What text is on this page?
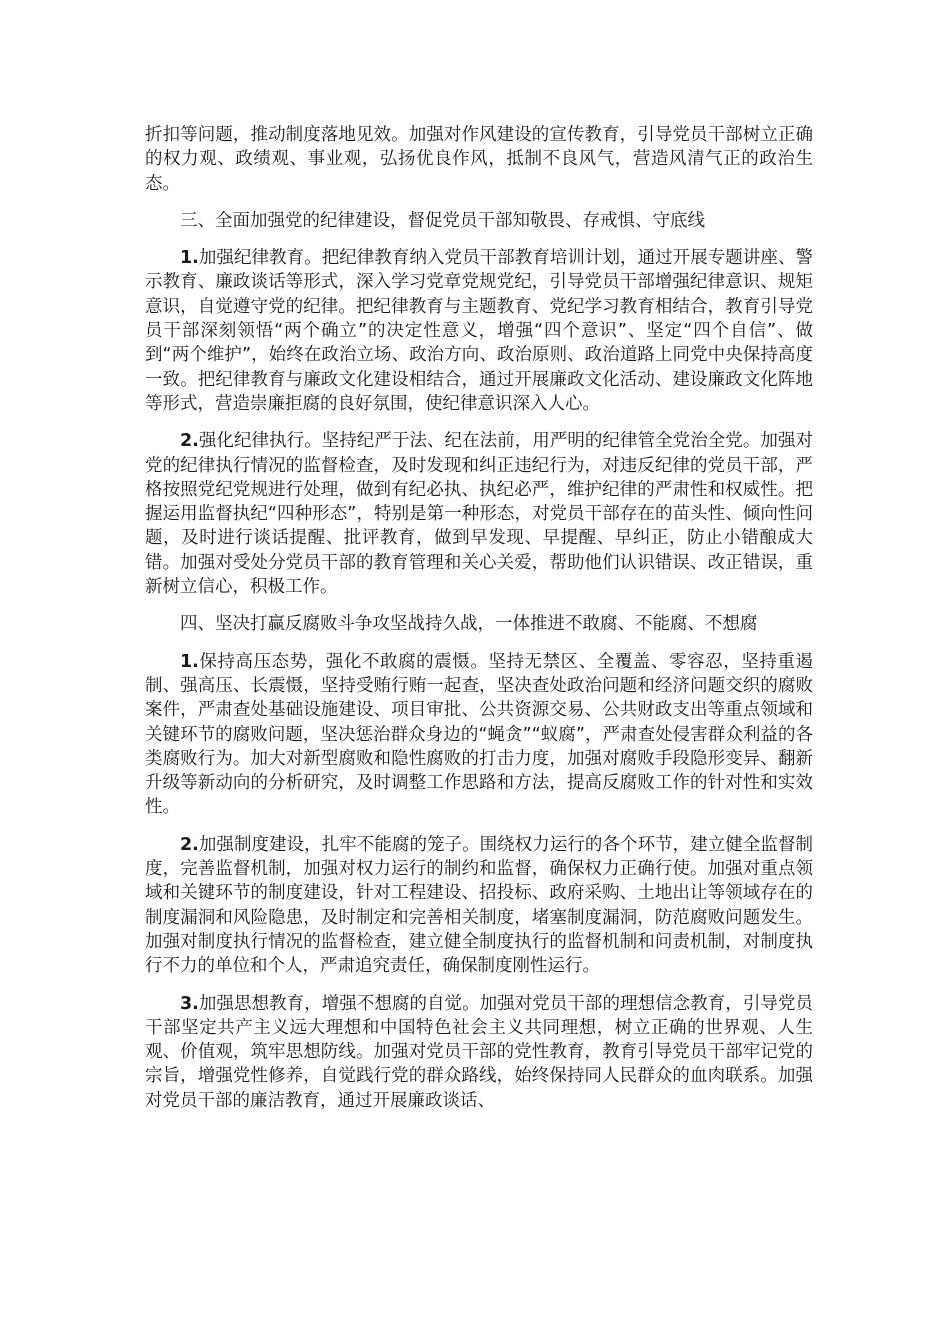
折扣等问题，推动制度落地见效。加强对作风建设的宣传教育，引导党员干部树立正确的权力观、政绩观、事业观，弘扬优良作风，抵制不良风气，营造风清气正的政治生态。

三、全面加强党的纪律建设，督促党员干部知敬畏、存戒惧、守底线

1.加强纪律教育。把纪律教育纳入党员干部教育培训计划，通过开展专题讲座、警示教育、廉政谈话等形式，深入学习党章党规党纪，引导党员干部增强纪律意识、规矩意识，自觉遵守党的纪律。把纪律教育与主题教育、党纪学习教育相结合，教育引导党员干部深刻领悟“两个确立”的决定性意义，增强“四个意识”、坚定“四个自信”、做到“两个维护”，始终在政治立场、政治方向、政治原则、政治道路上同党中央保持高度一致。把纪律教育与廉政文化建设相结合，通过开展廉政文化活动、建设廉政文化阵地等形式，营造崇廉拒腐的良好氛围，使纪律意识深入人心。

2.强化纪律执行。坚持纪严于法、纪在法前，用严明的纪律管全党治全党。加强对党的纪律执行情况的监督检查，及时发现和纠正违纪行为，对违反纪律的党员干部，严格按照党纪党规进行处理，做到有纪必执、执纪必严，维护纪律的严肃性和权威性。把握运用监督执纪“四种形态”，特别是第一种形态，对党员干部存在的苗头性、倾向性问题，及时进行谈话提醒、批评教育，做到早发现、早提醒、早纠正，防止小错酿成大错。加强对受处分党员干部的教育管理和关心关爱，帮助他们认识错误、改正错误，重新树立信心，积极工作。

四、坚决打赢反腐败斗争攻坚战持久战，一体推进不敢腐、不能腐、不想腐

1.保持高压态势，强化不敢腐的震慑。坚持无禁区、全覆盖、零容忍，坚持重遏制、强高压、长震慑，坚持受贿行贿一起查，坚决查处政治问题和经济问题交织的腐败案件，严肃查处基础设施建设、项目审批、公共资源交易、公共财政支出等重点领域和关键环节的腐败问题，坚决惩治群众身边的“蝇贪”“蚁腐”，严肃查处侵害群众利益的各类腐败行为。加大对新型腐败和隐性腐败的打击力度，加强对腐败手段隐形变异、翻新升级等新动向的分析研究，及时调整工作思路和方法，提高反腐败工作的针对性和实效性。

2.加强制度建设，扎牢不能腐的笼子。围绕权力运行的各个环节，建立健全监督制度，完善监督机制，加强对权力运行的制约和监督，确保权力正确行使。加强对重点领域和关键环节的制度建设，针对工程建设、招投标、政府采购、土地出让等领域存在的制度漏洞和风险隐患，及时制定和完善相关制度，堵塞制度漏洞，防范腐败问题发生。加强对制度执行情况的监督检查，建立健全制度执行的监督机制和问责机制，对制度执行不力的单位和个人，严肃追究责任，确保制度刚性运行。

3.加强思想教育，增强不想腐的自觉。加强对党员干部的理想信念教育，引导党员干部坚定共产主义远大理想和中国特色社会主义共同理想，树立正确的世界观、人生观、价值观，筑牢思想防线。加强对党员干部的党性教育，教育引导党员干部牢记党的宗旨，增强党性修养，自觉践行党的群众路线，始终保持同人民群众的血肉联系。加强对党员干部的廉洁教育，通过开展廉政谈话、
